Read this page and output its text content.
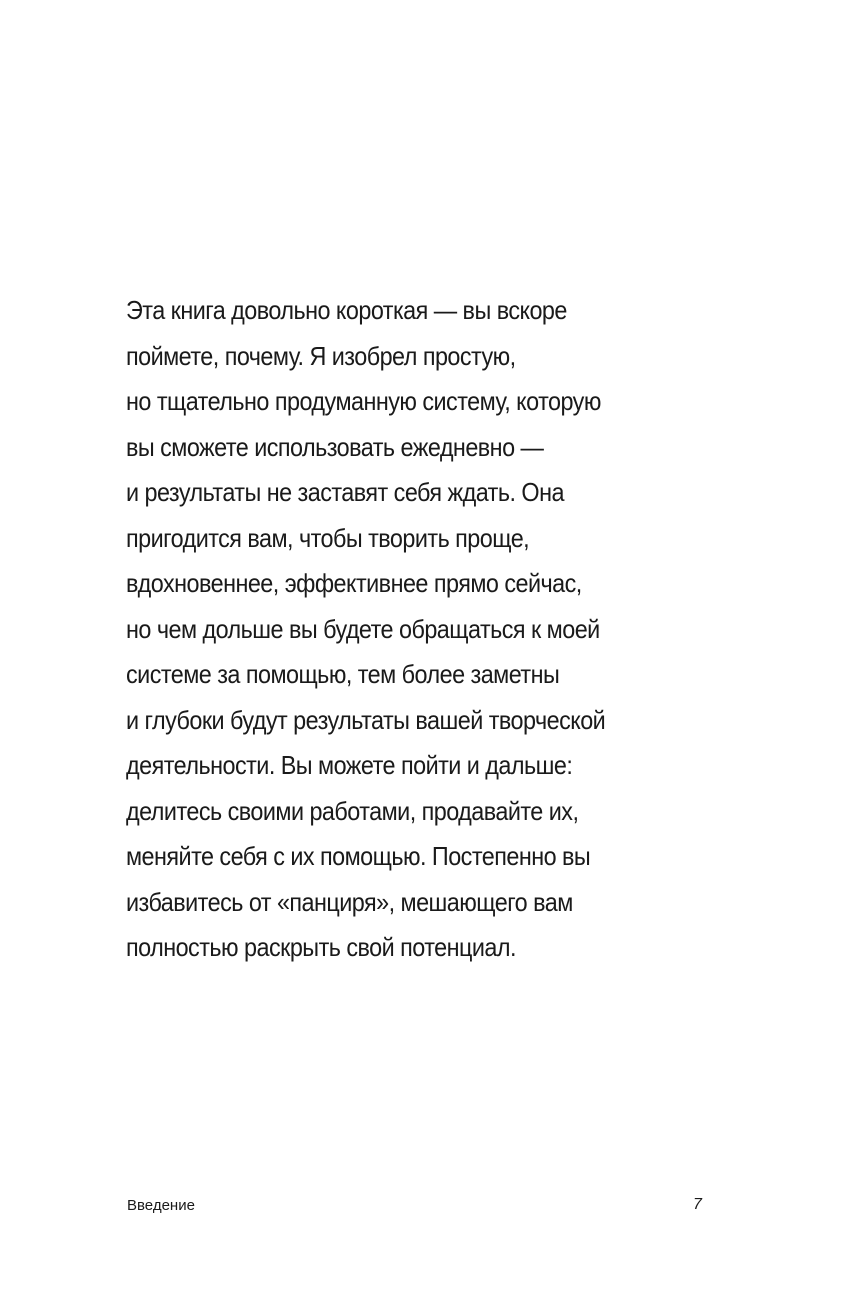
Эта книга довольно короткая — вы вскоре
поймете, почему. Я изобрел простую,
но тщательно продуманную систему, которую
вы сможете использовать ежедневно —
и результаты не заставят себя ждать. Она
пригодится вам, чтобы творить проще,
вдохновеннее, эффективнее прямо сейчас,
но чем дольше вы будете обращаться к моей
системе за помощью, тем более заметны
и глубоки будут результаты вашей творческой
деятельности. Вы можете пойти и дальше:
делитесь своими работами, продавайте их,
меняйте себя с их помощью. Постепенно вы
избавитесь от «панциря», мешающего вам
полностью раскрыть свой потенциал.

Введение	7
